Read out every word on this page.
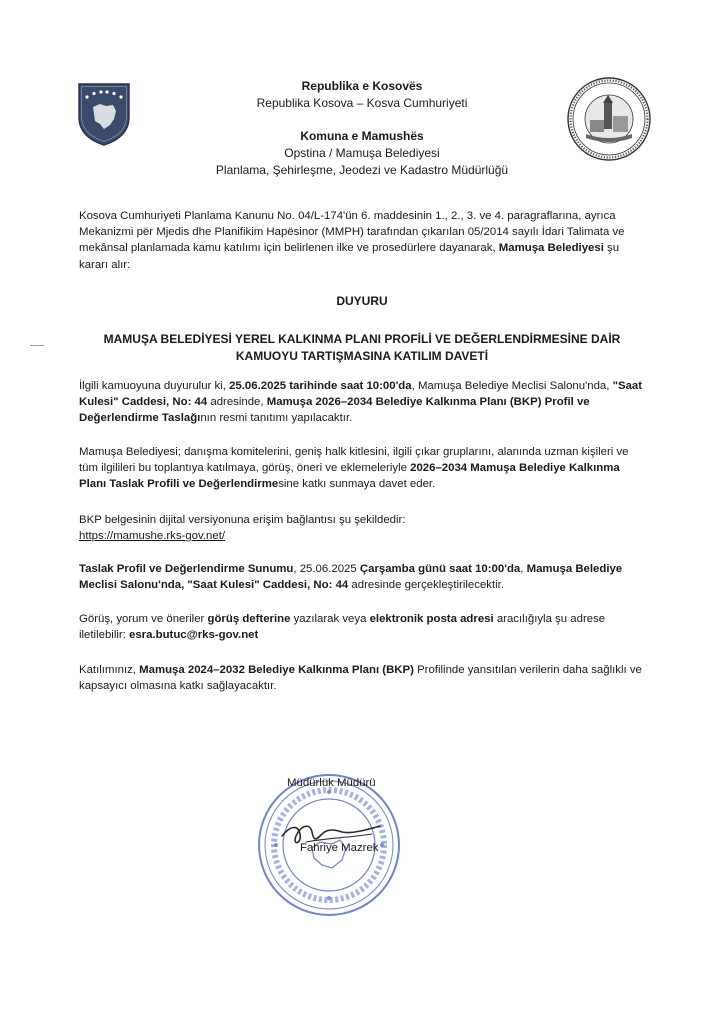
Republika e Kosovës
Republika Kosova – Kosva Cumhuriyeti
Komuna e Mamushës
Opstina / Mamuşa Belediyesi
Planlama, Şehirleşme, Jeodezi ve Kadastro Müdürlüğü
Kosova Cumhuriyeti Planlama Kanunu No. 04/L-174'ün 6. maddesinin 1., 2., 3. ve 4. paragraflarına, ayrıca Mekanizmi për Mjedis dhe Planifikim Hapësinor (MMPH) tarafından çıkarılan 05/2014 sayılı İdari Talimata ve mekânsal planlamada kamu katılımı için belirlenen ilke ve prosedürlere dayanarak, Mamuşa Belediyesi şu kararı alır:
DUYURU
MAMUŞA BELEDİYESİ YEREL KALKINMA PLANI PROFİLİ VE DEĞERLENDİRMESİNE DAİR KAMUOYU TARTIŞMASINA KATILIM DAVETİ
İlgili kamuoyuna duyurulur ki, 25.06.2025 tarihinde saat 10:00'da, Mamuşa Belediye Meclisi Salonu'nda, "Saat Kulesi" Caddesi, No: 44 adresinde, Mamuşa 2026–2034 Belediye Kalkınma Planı (BKP) Profil ve Değerlendirme Taslağının resmi tanıtımı yapılacaktır.
Mamuşa Belediyesi; danışma komitelerini, geniş halk kitlesini, ilgili çıkar gruplarını, alanında uzman kişileri ve tüm ilgilileri bu toplantıya katılmaya, görüş, öneri ve eklemeleriyle 2026–2034 Mamuşa Belediye Kalkınma Planı Taslak Profili ve Değerlendirmesine katkı sunmaya davet eder.
BKP belgesinin dijital versiyonuna erişim bağlantısı şu şekildedir:
https://mamushe.rks-gov.net/
Taslak Profil ve Değerlendirme Sunumu, 25.06.2025 Çarşamba günü saat 10:00'da, Mamuşa Belediye Meclisi Salonu'nda, "Saat Kulesi" Caddesi, No: 44 adresinde gerçekleştirilecektir.
Görüş, yorum ve öneriler görüş defterine yazılarak veya elektronik posta adresi aracılığıyla şu adrese iletilebilir: esra.butuc@rks-gov.net
Katılımınız, Mamuşa 2024–2032 Belediye Kalkınma Planı (BKP) Profilinde yansıtılan verilerin daha sağlıklı ve kapsayıcı olmasına katkı sağlayacaktır.
Müdürlük Müdürü
Fahriye Mazrek
